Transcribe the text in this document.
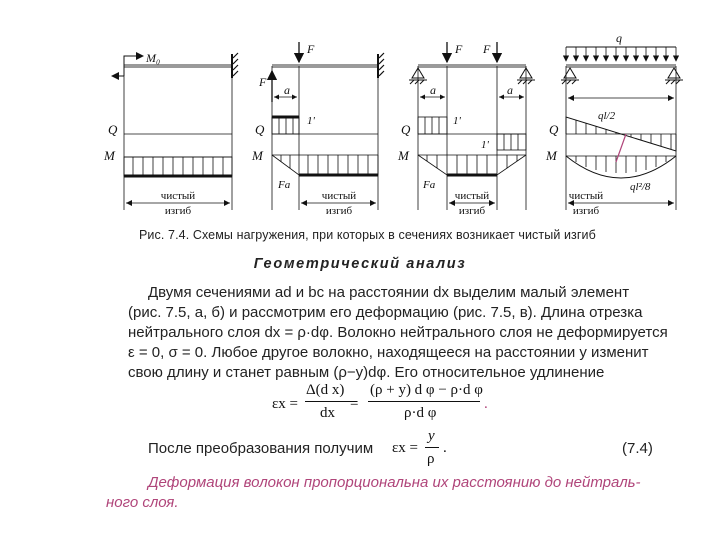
M₀
Q
M
чистый
изгиб
F
F
a
Q
1'
M
Fa
чистый
изгиб
F F
a	a
Q
1'
1'
M
Fa
чистый
изгиб
q
Q
ql/2
M
ql²/8
чистый
изгиб
Рис. 7.4. Схемы нагружения, при которых в сечениях возникает чистый изгиб
Геометрический анализ
Двумя сечениями ad и bc на расстоянии dx выделим малый элемент
(рис. 7.5, а, б) и рассмотрим его деформацию (рис. 7.5, в). Длина отрезка
нейтрального слоя dx = ρ·dφ. Волокно нейтрального слоя не деформируется
ε = 0, σ = 0. Любое другое волокно, находящееся на расстоянии y изменит
свою длину и станет равным (ρ−y)dφ. Его относительное удлинение
εx =
Δ(d x)
dx
=
(ρ + y) d φ − ρ·d φ
ρ·d φ
.
После преобразования получим εx =
y
ρ
.	(7.4)
Деформация волокон пропорциональна их расстоянию до нейтраль-
ного слоя.
